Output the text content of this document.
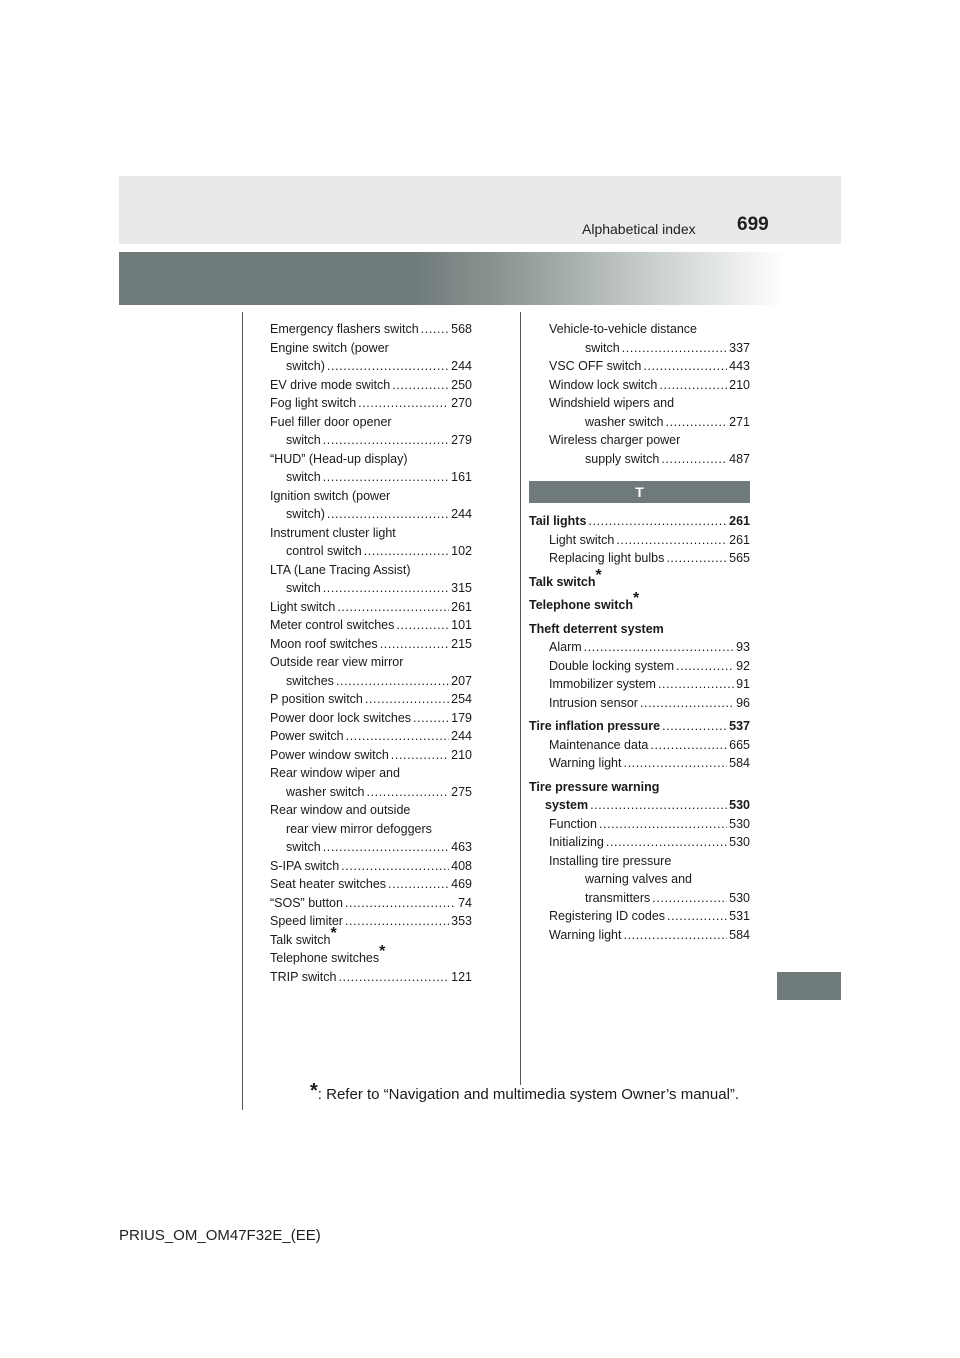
699
Alphabetical index
Emergency flashers switch .....	568
Engine switch (power
switch) .....	244
EV drive mode switch .....	250
Fog light switch .....	270
Fuel filler door opener
switch .....	279
“HUD” (Head-up display)
switch .....	161
Ignition switch (power
switch) .....	244
Instrument cluster light
control switch .....	102
LTA (Lane Tracing Assist)
switch .....	315
Light switch .....	261
Meter control switches .....	101
Moon roof switches .....	215
Outside rear view mirror
switches .....	207
P position switch .....	254
Power door lock switches .....	179
Power switch .....	244
Power window switch .....	210
Rear window wiper and
washer switch .....	275
Rear window and outside
rear view mirror defoggers
switch .....	463
S-IPA switch .....	408
Seat heater switches .....	469
“SOS” button .....	74
Speed limiter .....	353
Talk switch *
Telephone switches *
TRIP switch .....	121
Vehicle-to-vehicle distance
switch .....	337
VSC OFF switch .....	443
Window lock switch .....	210
Windshield wipers and
washer switch .....	271
Wireless charger power
supply switch .....	487
T
Tail lights .....	261
Light switch .....	261
Replacing light bulbs .....	565
Talk switch *
Telephone switch *
Theft deterrent system
Alarm .....	93
Double locking system .....	92
Immobilizer system .....	91
Intrusion sensor .....	96
Tire inflation pressure .....	537
Maintenance data .....	665
Warning light .....	584
Tire pressure warning
system .....	530
Function .....	530
Initializing .....	530
Installing tire pressure
warning valves and
transmitters .....	530
Registering ID codes .....	531
Warning light .....	584
*: Refer to “Navigation and multimedia system Owner’s manual”.
PRIUS_OM_OM47F32E_(EE)
